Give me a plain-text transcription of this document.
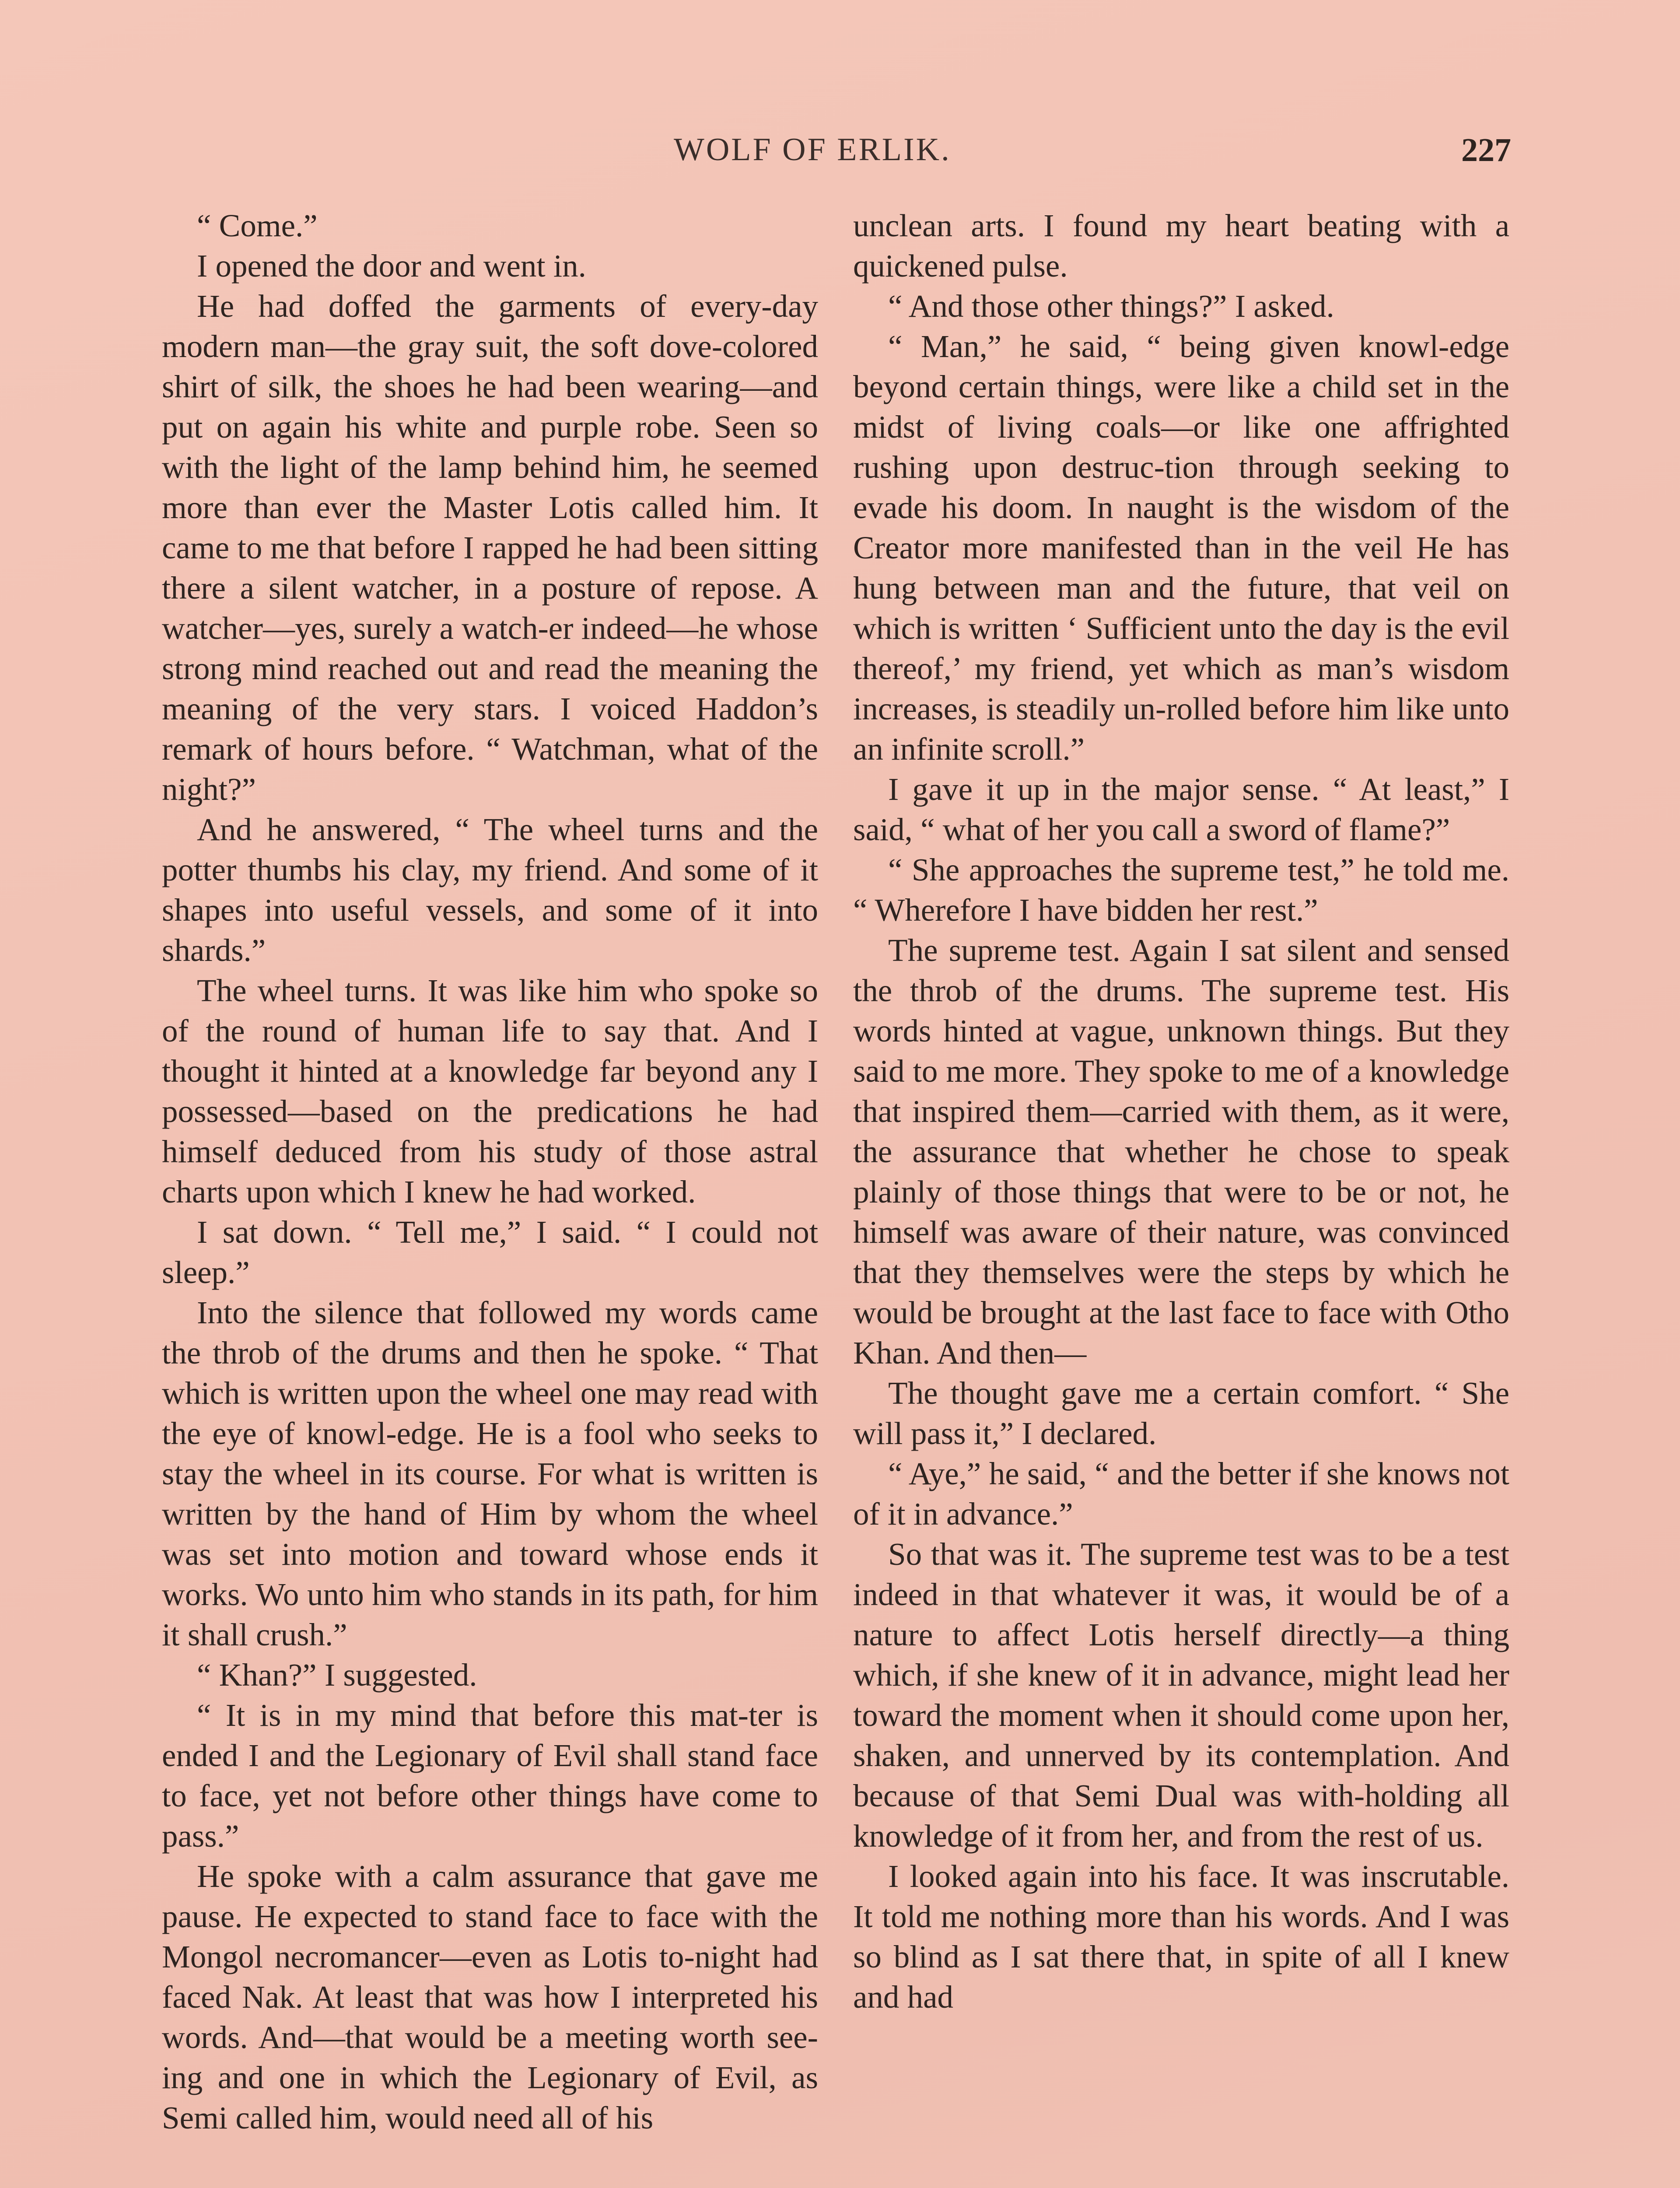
WOLF OF ERLIK.	227

“ Come.”

I opened the door and went in.

He had doffed the garments of every-day modern man—the gray suit, the soft dove-colored shirt of silk, the shoes he had been wearing—and put on again his white and purple robe. Seen so with the light of the lamp behind him, he seemed more than ever the Master Lotis called him. It came to me that before I rapped he had been sitting there a silent watcher, in a posture of repose. A watcher—yes, surely a watch-er indeed—he whose strong mind reached out and read the meaning the meaning of the very stars. I voiced Haddon’s remark of hours before. “ Watchman, what of the night?”

And he answered, “ The wheel turns and the potter thumbs his clay, my friend. And some of it shapes into useful vessels, and some of it into shards.”

The wheel turns. It was like him who spoke so of the round of human life to say that. And I thought it hinted at a knowledge far beyond any I possessed—based on the predications he had himself deduced from his study of those astral charts upon which I knew he had worked.

I sat down. “ Tell me,” I said. “ I could not sleep.”

Into the silence that followed my words came the throb of the drums and then he spoke. “ That which is written upon the wheel one may read with the eye of knowl-edge. He is a fool who seeks to stay the wheel in its course. For what is written is written by the hand of Him by whom the wheel was set into motion and toward whose ends it works. Wo unto him who stands in its path, for him it shall crush.”

“ Khan?” I suggested.

“ It is in my mind that before this mat-ter is ended I and the Legionary of Evil shall stand face to face, yet not before other things have come to pass.”

He spoke with a calm assurance that gave me pause. He expected to stand face to face with the Mongol necromancer—even as Lotis to-night had faced Nak. At least that was how I interpreted his words. And—that would be a meeting worth see-ing and one in which the Legionary of Evil, as Semi called him, would need all of his

unclean arts. I found my heart beating with a quickened pulse.

“ And those other things?” I asked.

“ Man,” he said, “ being given knowl-edge beyond certain things, were like a child set in the midst of living coals—or like one affrighted rushing upon destruc-tion through seeking to evade his doom. In naught is the wisdom of the Creator more manifested than in the veil He has hung between man and the future, that veil on which is written ‘ Sufficient unto the day is the evil thereof,’ my friend, yet which as man’s wisdom increases, is steadily un-rolled before him like unto an infinite scroll.”

I gave it up in the major sense. “ At least,” I said, “ what of her you call a sword of flame?”

“ She approaches the supreme test,” he told me. “ Wherefore I have bidden her rest.”

The supreme test. Again I sat silent and sensed the throb of the drums. The supreme test. His words hinted at vague, unknown things. But they said to me more. They spoke to me of a knowledge that inspired them—carried with them, as it were, the assurance that whether he chose to speak plainly of those things that were to be or not, he himself was aware of their nature, was convinced that they themselves were the steps by which he would be brought at the last face to face with Otho Khan. And then—

The thought gave me a certain comfort. “ She will pass it,” I declared.

“ Aye,” he said, “ and the better if she knows not of it in advance.”

So that was it. The supreme test was to be a test indeed in that whatever it was, it would be of a nature to affect Lotis herself directly—a thing which, if she knew of it in advance, might lead her toward the moment when it should come upon her, shaken, and unnerved by its contemplation. And because of that Semi Dual was with-holding all knowledge of it from her, and from the rest of us.

I looked again into his face. It was inscrutable. It told me nothing more than his words. And I was so blind as I sat there that, in spite of all I knew and had
